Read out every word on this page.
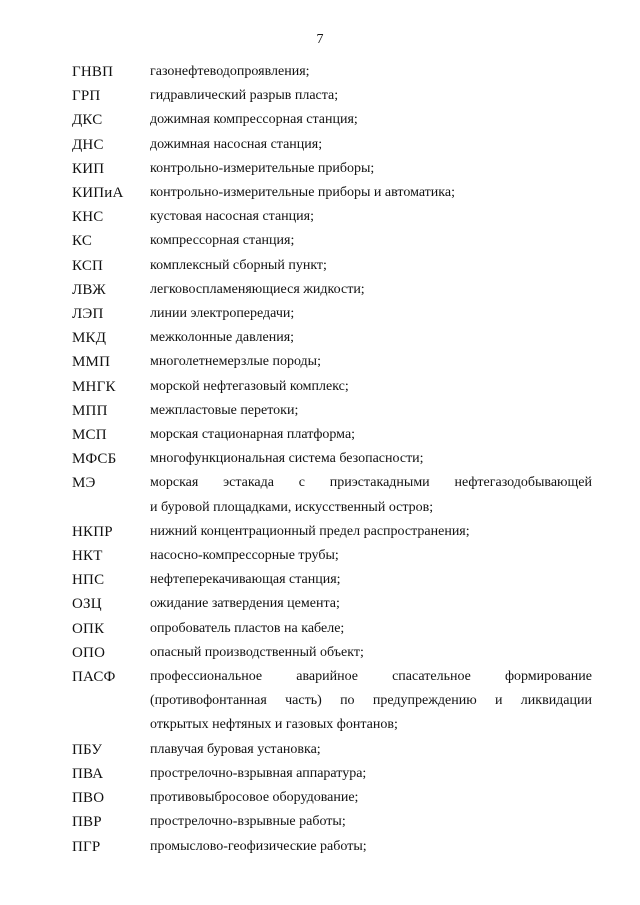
7
ГНВП	газонефтеводопроявления;
ГРП	гидравлический разрыв пласта;
ДКС	дожимная компрессорная станция;
ДНС	дожимная насосная станция;
КИП	контрольно-измерительные приборы;
КИПиА	контрольно-измерительные приборы и автоматика;
КНС	кустовая насосная станция;
КС	компрессорная станция;
КСП	комплексный сборный пункт;
ЛВЖ	легковоспламеняющиеся жидкости;
ЛЭП	линии электропередачи;
МКД	межколонные давления;
ММП	многолетнемерзлые породы;
МНГК	морской нефтегазовый комплекс;
МПП	межпластовые перетоки;
МСП	морская стационарная платформа;
МФСБ	многофункциональная система безопасности;
МЭ	морская эстакада с приэстакадными нефтегазодобывающей
и буровой площадками, искусственный остров;
НКПР	нижний концентрационный предел распространения;
НКТ	насосно-компрессорные трубы;
НПС	нефтеперекачивающая станция;
ОЗЦ	ожидание затвердения цемента;
ОПК	опробователь пластов на кабеле;
ОПО	опасный производственный объект;
ПАСФ	профессиональное аварийное спасательное формирование
(противофонтанная часть) по предупреждению и ликвидации
открытых нефтяных и газовых фонтанов;
ПБУ	плавучая буровая установка;
ПВА	прострелочно-взрывная аппаратура;
ПВО	противовыбросовое оборудование;
ПВР	прострелочно-взрывные работы;
ПГР	промыслово-геофизические работы;
